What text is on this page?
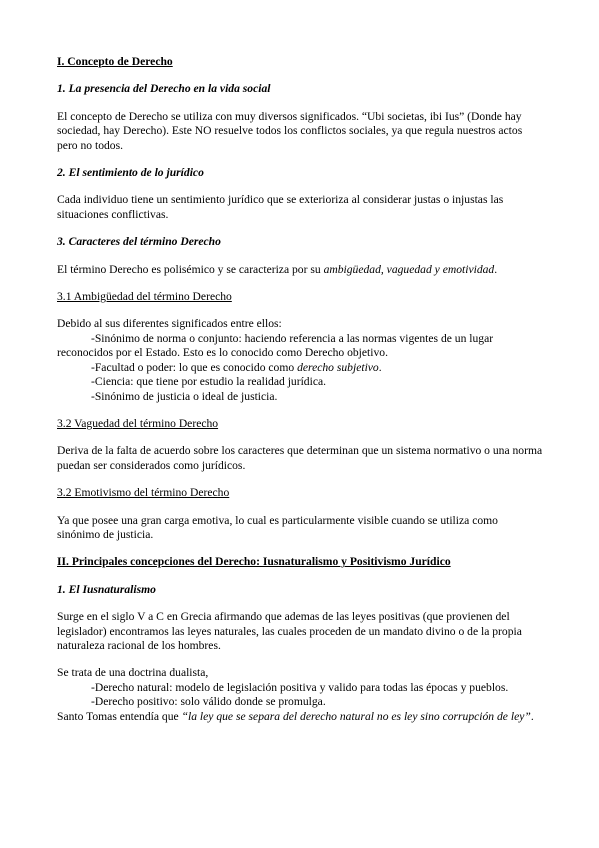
I. Concepto de Derecho

1. La presencia del Derecho en la vida social

El concepto de Derecho se utiliza con muy diversos significados. “Ubi societas, ibi Ius” (Donde hay sociedad, hay Derecho). Este NO resuelve todos los conflictos sociales, ya que regula nuestros actos pero no todos.

2. El sentimiento de lo jurídico

Cada individuo tiene un sentimiento jurídico que se exterioriza al considerar justas o injustas las situaciones conflictivas.

3. Caracteres del término Derecho

El término Derecho es polisémico y se caracteriza por su ambigüedad, vaguedad y emotividad.

3.1 Ambigüedad del término Derecho

Debido al sus diferentes significados entre ellos:

-Sinónimo de norma o conjunto: haciendo referencia a las normas vigentes de un lugar

reconocidos por el Estado. Esto es lo conocido como Derecho objetivo.

-Facultad o poder: lo que es conocido como derecho subjetivo.

-Ciencia: que tiene por estudio la realidad jurídica.

-Sinónimo de justicia o ideal de justicia.

3.2 Vaguedad del término Derecho

Deriva de la falta de acuerdo sobre los caracteres que determinan que un sistema normativo o una norma puedan ser considerados como jurídicos.

3.2 Emotivismo del término Derecho

Ya que posee una gran carga emotiva, lo cual es particularmente visible cuando se utiliza como sinónimo de justicia.

II. Principales concepciones del Derecho: Iusnaturalismo y Positivismo Jurídico

1. El Iusnaturalismo

Surge en el siglo V a C en Grecia afirmando que ademas de las leyes positivas (que provienen del legislador) encontramos las leyes naturales, las cuales proceden de un mandato divino o de la propia naturaleza racional de los hombres.

Se trata de una doctrina dualista,

-Derecho natural: modelo de legislación positiva y valido para todas las épocas y pueblos.

-Derecho positivo: solo válido donde se promulga.

Santo Tomas entendía que “la ley que se separa del derecho natural no es ley sino corrupción de ley”.
